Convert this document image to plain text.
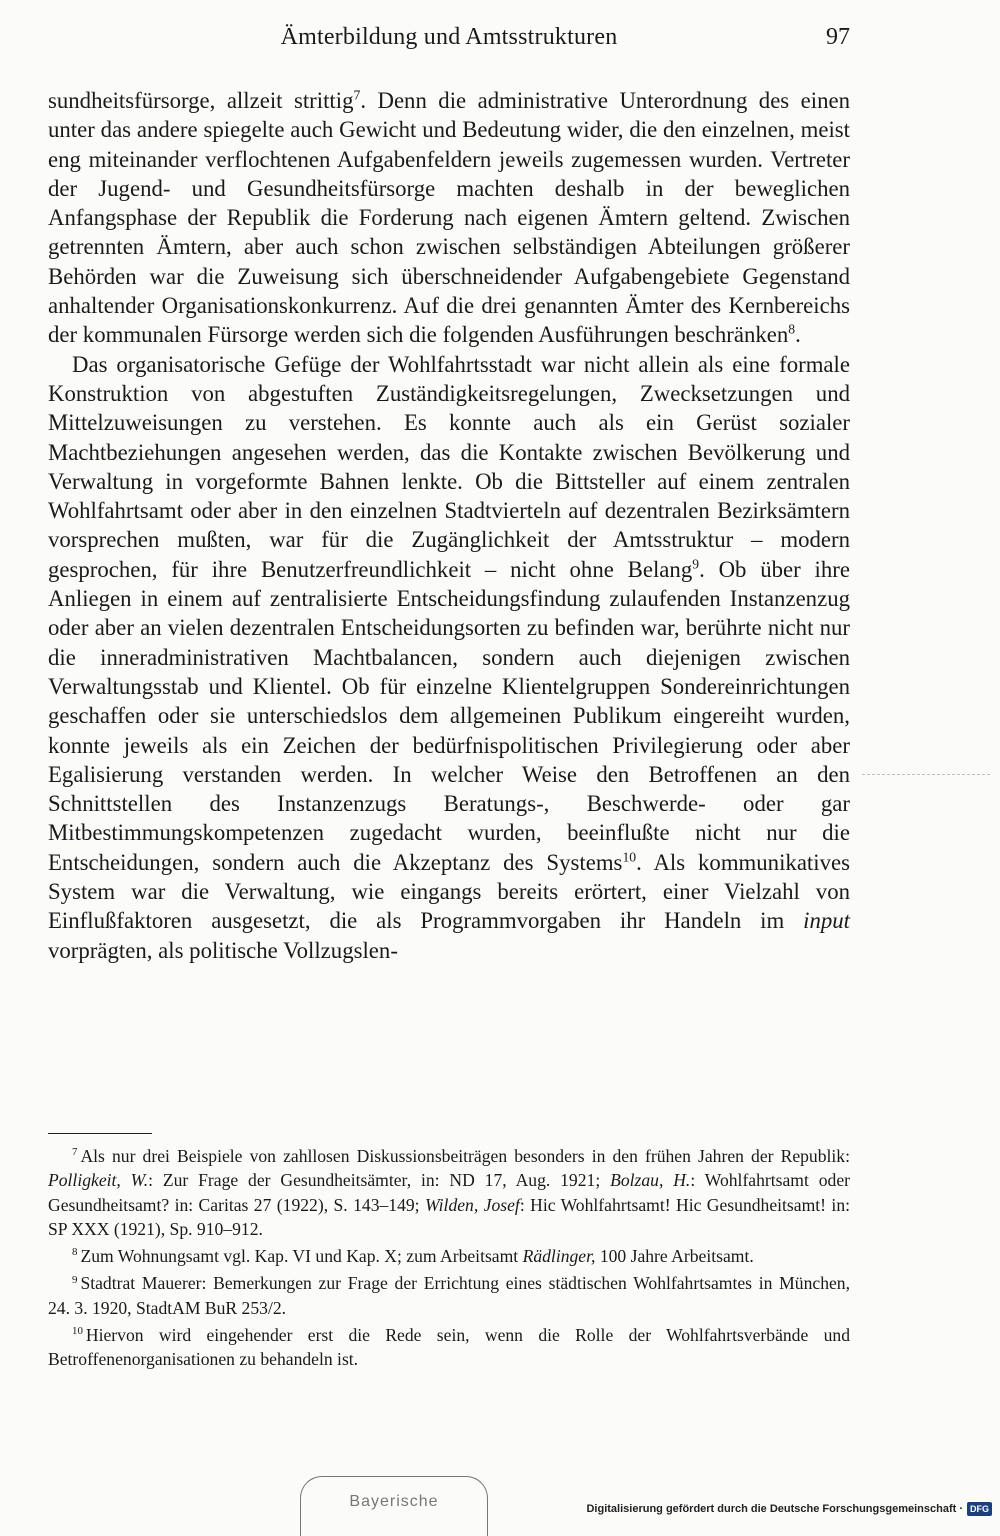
Ämterbildung und Amtsstrukturen	97

sundheitsfürsorge, allzeit strittig$^7$. Denn die administrative Unterordnung des einen unter das andere spiegelte auch Gewicht und Bedeutung wider, die den einzelnen, meist eng miteinander verflochtenen Aufgabenfeldern jeweils zugemessen wurden. Vertreter der Jugend- und Gesundheitsfürsorge machten deshalb in der beweglichen Anfangsphase der Republik die Forderung nach eigenen Ämtern geltend. Zwischen getrennten Ämtern, aber auch schon zwischen selbständigen Abteilungen größerer Behörden war die Zuweisung sich überschneidender Aufgabengebiete Gegenstand anhaltender Organisationskonkurrenz. Auf die drei genannten Ämter des Kernbereichs der kommunalen Fürsorge werden sich die folgenden Ausführungen beschränken$^8$.

Das organisatorische Gefüge der Wohlfahrtsstadt war nicht allein als eine formale Konstruktion von abgestuften Zuständigkeitsregelungen, Zwecksetzungen und Mittelzuweisungen zu verstehen. Es konnte auch als ein Gerüst sozialer Machtbeziehungen angesehen werden, das die Kontakte zwischen Bevölkerung und Verwaltung in vorgeformte Bahnen lenkte. Ob die Bittsteller auf einem zentralen Wohlfahrtsamt oder aber in den einzelnen Stadtvierteln auf dezentralen Bezirksämtern vorsprechen mußten, war für die Zugänglichkeit der Amtsstruktur – modern gesprochen, für ihre Benutzerfreundlichkeit – nicht ohne Belang$^9$. Ob über ihre Anliegen in einem auf zentralisierte Entscheidungsfindung zulaufenden Instanzenzug oder aber an vielen dezentralen Entscheidungsorten zu befinden war, berührte nicht nur die inneradministrativen Machtbalancen, sondern auch diejenigen zwischen Verwaltungsstab und Klientel. Ob für einzelne Klientelgruppen Sondereinrichtungen geschaffen oder sie unterschiedslos dem allgemeinen Publikum eingereiht wurden, konnte jeweils als ein Zeichen der bedürfnispolitischen Privilegierung oder aber Egalisierung verstanden werden. In welcher Weise den Betroffenen an den Schnittstellen des Instanzenzugs Beratungs-, Beschwerde- oder gar Mitbestimmungskompetenzen zugedacht wurden, beeinflußte nicht nur die Entscheidungen, sondern auch die Akzeptanz des Systems$^{10}$. Als kommunikatives System war die Verwaltung, wie eingangs bereits erörtert, einer Vielzahl von Einflußfaktoren ausgesetzt, die als Programmvorgaben ihr Handeln im input vorprägten, als politische Vollzugslen-

$^7$ Als nur drei Beispiele von zahllosen Diskussionsbeiträgen besonders in den frühen Jahren der Republik: Polligkeit, W.: Zur Frage der Gesundheitsämter, in: ND 17, Aug. 1921; Bolzau, H.: Wohlfahrtsamt oder Gesundheitsamt? in: Caritas 27 (1922), S. 143–149; Wilden, Josef: Hic Wohlfahrtsamt! Hic Gesundheitsamt! in: SP XXX (1921), Sp. 910–912.

$^8$ Zum Wohnungsamt vgl. Kap. VI und Kap. X; zum Arbeitsamt Rädlinger, 100 Jahre Arbeitsamt.

$^9$ Stadtrat Mauerer: Bemerkungen zur Frage der Errichtung eines städtischen Wohlfahrtsamtes in München, 24. 3. 1920, StadtAM BuR 253/2.

$^{10}$ Hiervon wird eingehender erst die Rede sein, wenn die Rolle der Wohlfahrtsverbände und Betroffenenorganisationen zu behandeln ist.

Bayerische	Digitalisierung gefördert durch die Deutsche Forschungsgemeinschaft · DFG
